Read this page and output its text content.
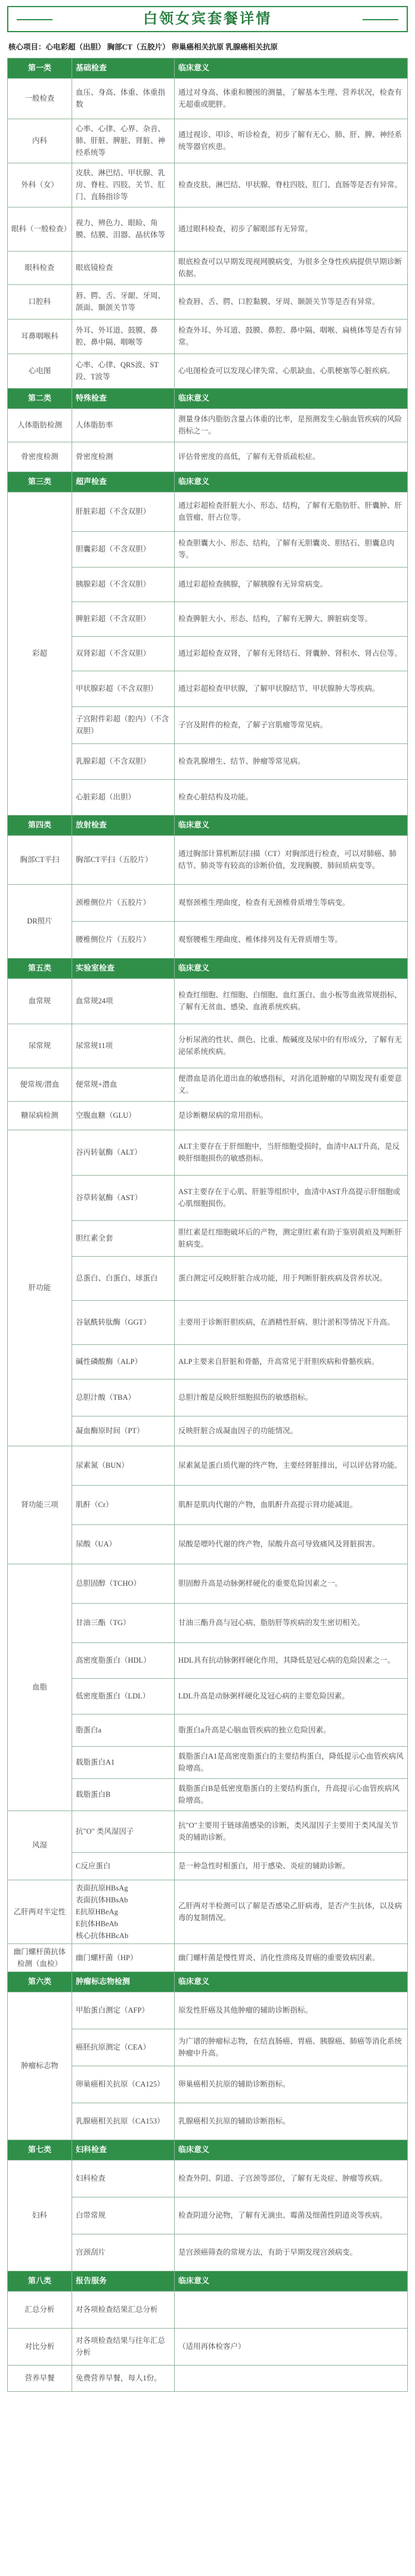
白领女宾套餐详情
核心项目：心电彩超（出胆） 胸部CT（五胶片） 卵巢癌相关抗原 乳腺癌相关抗原
第一类	基础检查	临床意义
一般检查	血压、身高、体重、体重指数	通过对身高、体重和腰围的测量，了解基本生理、营养状况，检查有无超重或肥胖。
内科	心率、心律、心界、杂音、肺、肝脏、脾脏、肾脏、神经系统等	通过视诊、叩诊、听诊检查，初步了解有无心、肺、肝、脾、神经系统等器官疾患。
外科（女）	皮肤、淋巴结、甲状腺、乳房、脊柱、四肢、关节、肛门、直肠指诊等	检查皮肤、淋巴结、甲状腺、脊柱四肢、肛门、直肠等是否有异常。
眼科（一般检查）	视力、辨色力、眼睑、角膜、结膜、泪器、晶状体等	通过眼科检查，初步了解眼部有无异常。
眼科检查	眼底镜检查	眼底检查可以早期发现视网膜病变，为很多全身性疾病提供早期诊断依据。
口腔科	唇、腭、舌、牙龈、牙周、颌面、颞颌关节等	检查唇、舌、腭、口腔黏膜、牙周、颞颌关节等是否有异常。
耳鼻咽喉科	外耳、外耳道、鼓膜、鼻腔、鼻中隔、咽喉等	检查外耳、外耳道、鼓膜、鼻腔、鼻中隔、咽喉、扁桃体等是否有异常。
心电图	心率、心律、QRS波、ST段、T波等	心电图检查可以发现心律失常、心肌缺血、心肌梗塞等心脏疾病。
第二类	特殊检查	临床意义
人体脂肪检测	人体脂肪率	测量身体内脂肪含量占体重的比率，是预测发生心脑血管疾病的风险指标之一。
骨密度检测	骨密度检测	评估骨密度的高低，了解有无骨质疏松症。
第三类	超声检查	临床意义
彩超	肝脏彩超（不含双胆）	通过彩超检查肝脏大小、形态、结构，了解有无脂肪肝、肝囊肿、肝血管瘤、肝占位等。
	胆囊彩超（不含双胆）	检查胆囊大小、形态、结构，了解有无胆囊炎、胆结石、胆囊息肉等。
	胰腺彩超（不含双胆）	通过彩超检查胰腺，了解胰腺有无异常病变。
	脾脏彩超（不含双胆）	检查脾脏大小、形态、结构，了解有无脾大、脾脏病变等。
	双肾彩超（不含双胆）	通过彩超检查双肾，了解有无肾结石、肾囊肿、肾积水、肾占位等。
	甲状腺彩超（不含双胆）	通过彩超检查甲状腺，了解甲状腺结节、甲状腺肿大等疾病。
	子宫附件彩超（腔内）（不含双胆）	子宫及附件的检查，了解子宫肌瘤等常见病。
	乳腺彩超（不含双胆）	检查乳腺增生、结节、肿瘤等常见病。
	心脏彩超（出胆）	检查心脏结构及功能。
第四类	放射检查	临床意义
胸部CT平扫	胸部CT平扫（五胶片）	通过胸部计算机断层扫描（CT）对胸部进行检查，可以对肺癌、肺结节、肺炎等有较高的诊断价值，发现胸膜、肺间质病变等。
DR照片	颈椎侧位片（五胶片）	观察颈椎生理曲度，检查有无颈椎骨质增生等病变。
	腰椎侧位片（五胶片）	观察腰椎生理曲度、椎体排列及有无骨质增生等。
第五类	实验室检查	临床意义
血常规	血常规24项	检查红细胞、红细胞、白细胞、血红蛋白、血小板等血液常规指标，了解有无贫血、感染、血液系统疾病。
尿常规	尿常规11项	分析尿液的性状、颜色、比重、酸碱度及尿中的有形成分，了解有无泌尿系统疾病。
便常规/潜血	便常规+潜血	便潜血是消化道出血的敏感指标，对消化道肿瘤的早期发现有重要意义。
糖尿病检测	空腹血糖（GLU）	是诊断糖尿病的常用指标。
肝功能	谷丙转氨酶（ALT）	ALT主要存在于肝细胞中，当肝细胞受损时，血清中ALT升高，是反映肝细胞损伤的敏感指标。
	谷草转氨酶（AST）	AST主要存在于心肌、肝脏等组织中，血清中AST升高提示肝细胞或心肌细胞损伤。
	胆红素全套	胆红素是红细胞破坏后的产物，测定胆红素有助于鉴别黄疸及判断肝脏病变。
	总蛋白、白蛋白、球蛋白	蛋白测定可反映肝脏合成功能，用于判断肝脏疾病及营养状况。
	谷氨酰转肽酶（GGT）	主要用于诊断肝胆疾病，在酒精性肝病、胆汁淤积等情况下升高。
	碱性磷酸酶（ALP）	ALP主要来自肝脏和骨骼，升高常见于肝胆疾病和骨骼疾病。
	总胆汁酸（TBA）	总胆汁酸是反映肝细胞损伤的敏感指标。
	凝血酶原时间（PT）	反映肝脏合成凝血因子的功能情况。
肾功能三项	尿素氮（BUN）	尿素氮是蛋白质代谢的终产物，主要经肾脏排出，可以评估肾功能。
	肌酐（Cr）	肌酐是肌肉代谢的产物，血肌酐升高提示肾功能减退。
	尿酸（UA）	尿酸是嘌呤代谢的终产物，尿酸升高可导致痛风及肾脏损害。
血脂	总胆固醇（TCHO）	胆固醇升高是动脉粥样硬化的重要危险因素之一。
	甘油三酯（TG）	甘油三酯升高与冠心病、脂肪肝等疾病的发生密切相关。
	高密度脂蛋白（HDL）	HDL具有抗动脉粥样硬化作用，其降低是冠心病的危险因素之一。
	低密度脂蛋白（LDL）	LDL升高是动脉粥样硬化及冠心病的主要危险因素。
	脂蛋白a	脂蛋白a升高是心脑血管疾病的独立危险因素。
	载脂蛋白A1	载脂蛋白A1是高密度脂蛋白的主要结构蛋白，降低提示心血管疾病风险增高。
	载脂蛋白B	载脂蛋白B是低密度脂蛋白的主要结构蛋白，升高提示心血管疾病风险增高。
风湿	抗"O" 类风湿因子	抗"O"主要用于链球菌感染的诊断，类风湿因子主要用于类风湿关节炎的辅助诊断。
	C反应蛋白	是一种急性时相蛋白，用于感染、炎症的辅助诊断。
乙肝两对半定性	表面抗原HBsAg
表面抗体HBsAb
E抗原HBeAg
E抗体HBeAb
核心抗体HBcAb	乙肝两对半检测可以了解是否感染乙肝病毒，是否产生抗体，以及病毒的复制情况。
幽门螺杆菌抗体检测（血检）	幽门螺杆菌（HP）	幽门螺杆菌是慢性胃炎、消化性溃疡及胃癌的重要致病因素。
第六类	肿瘤标志物检测	临床意义
肿瘤标志物	甲胎蛋白测定（AFP）	原发性肝癌及其他肿瘤的辅助诊断指标。
	癌胚抗原测定（CEA）	为广谱的肿瘤标志物，在结直肠癌、胃癌、胰腺癌、肺癌等消化系统肿瘤中升高。
	卵巢癌相关抗原（CA125）	卵巢癌相关抗原的辅助诊断指标。
	乳腺癌相关抗原（CA153）	乳腺癌相关抗原的辅助诊断指标。
第七类	妇科检查	临床意义
妇科	妇科检查	检查外阴、阴道、子宫颈等部位，了解有无炎症、肿瘤等疾病。
	白带常规	检查阴道分泌物，了解有无滴虫、霉菌及细菌性阴道炎等疾病。
	宫颈刮片	是宫颈癌筛查的常规方法，有助于早期发现宫颈病变。
第八类	报告服务	临床意义
汇总分析	对各项检查结果汇总分析	
对比分析	对各项检查结果与往年汇总分析	（适用再体检客户）
营养早餐	免费营养早餐，每人1份。	
